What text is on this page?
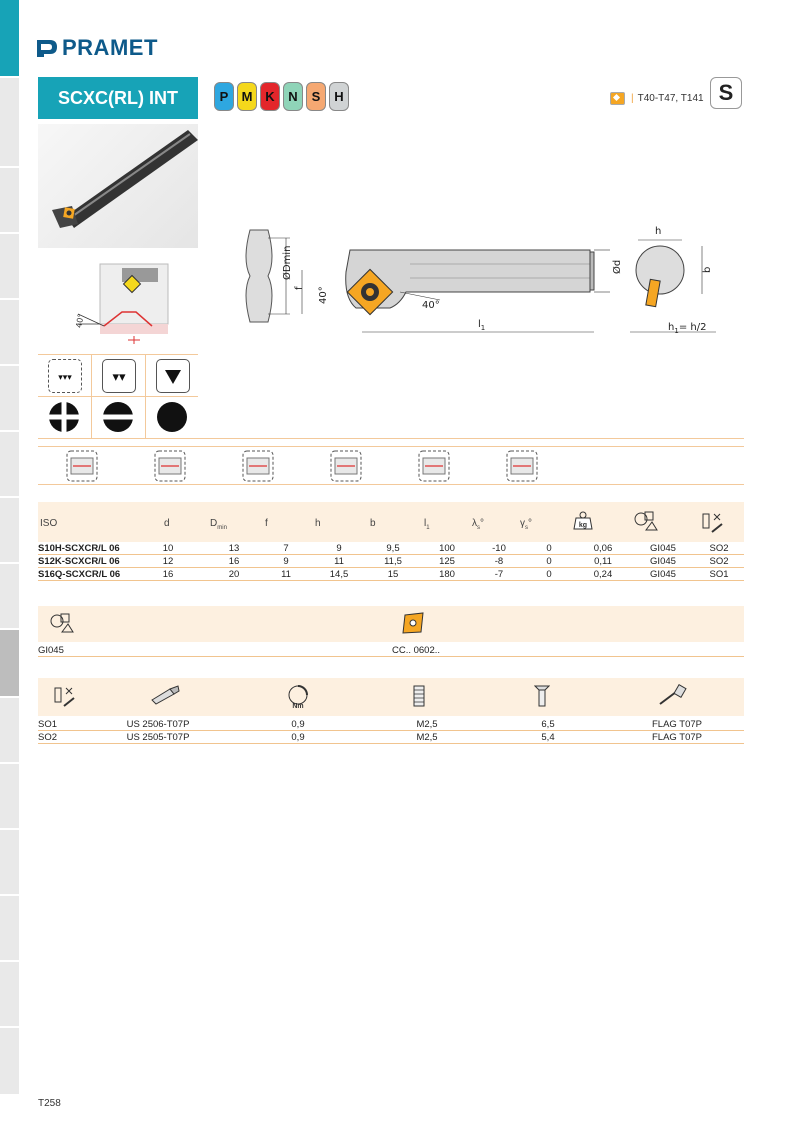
PRAMET
SCXC(RL) INT	P	M K	N	S	H	| T40-T47, T141 S
40°
▾▾▾	▾▾
ØDmin
f 40°
40°
$l_1$
Ød
h
b
$h_1= h/2$
ISO	d	$D_{min}$	f	h	b	$l_1$	$\lambda_s^\circ$	$\gamma_s^\circ$	kg
S10H-SCXCR/L 06	10	13	7	9	9,5	100	-10	0	0,06	GI045	SO2
S12K-SCXCR/L 06	12	16	9	11	11,5	125	-8	0	0,11	GI045	SO2
S16Q-SCXCR/L 06	16	20	11	14,5	15	180	-7	0	0,24	GI045	SO1
GI045	CC.. 0602..
Nm
SO1	US 2506-T07P	0,9	M2,5	6,5	FLAG T07P
SO2	US 2505-T07P	0,9	M2,5	5,4	FLAG T07P
T258
